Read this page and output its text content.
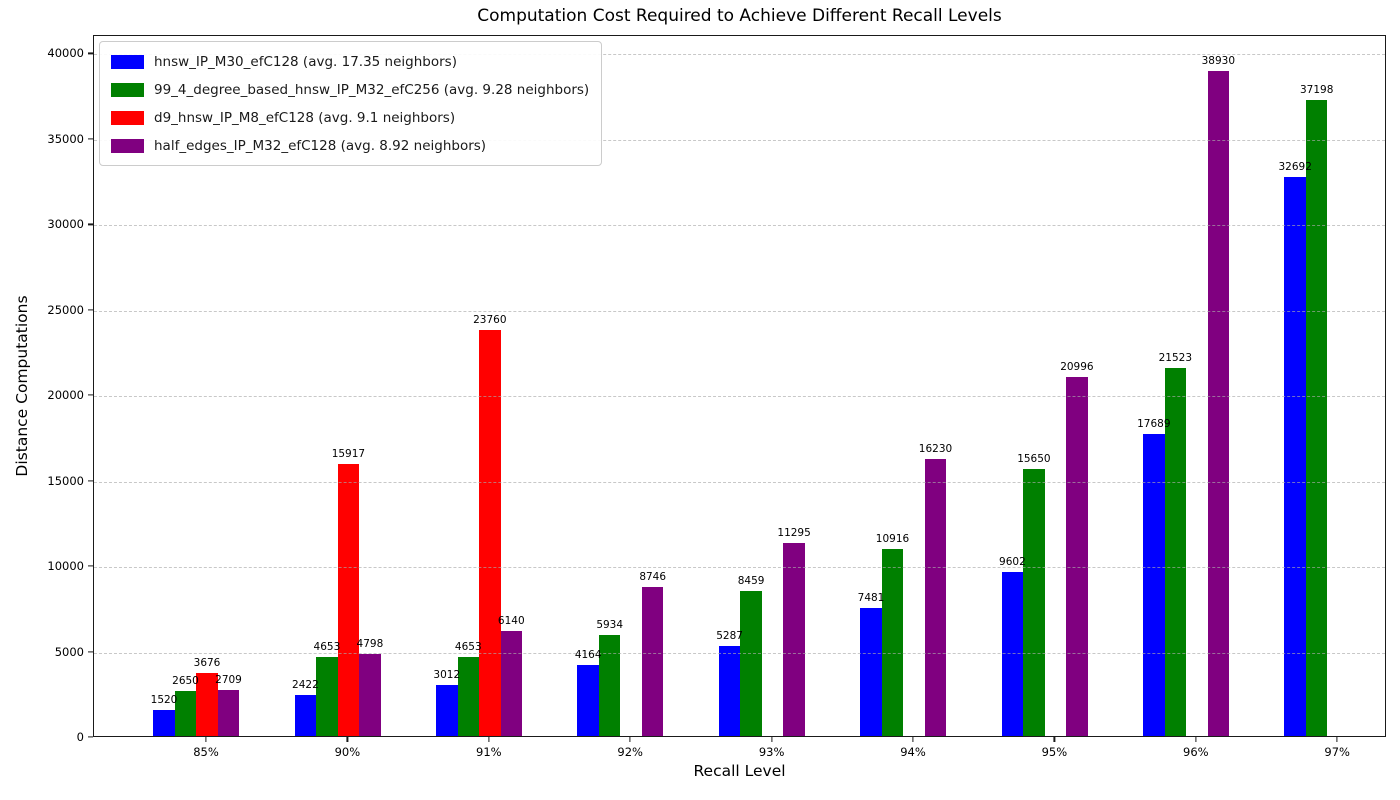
Computation Cost Required to Achieve Different Recall Levels
Distance Computations
1520
2650
3676
2709	2422
4653
15917
4798
3012
4653
23760
6140
4164
5934
8746
5287
8459
11295
7481
10916
16230
9602
15650
20996
17689
21523
38930
32692
37198
hnsw_IP_M30_efC128 (avg. 17.35 neighbors)
99_4_degree_based_hnsw_IP_M32_efC256 (avg. 9.28 neighbors)
d9_hnsw_IP_M8_efC128 (avg. 9.1 neighbors)
half_edges_IP_M32_efC128 (avg. 8.92 neighbors)
0
5000
10000
15000
20000
25000
30000
35000
40000
85%	90%	91%	92%	93%	94%	95%	96%	97%
Recall Level
